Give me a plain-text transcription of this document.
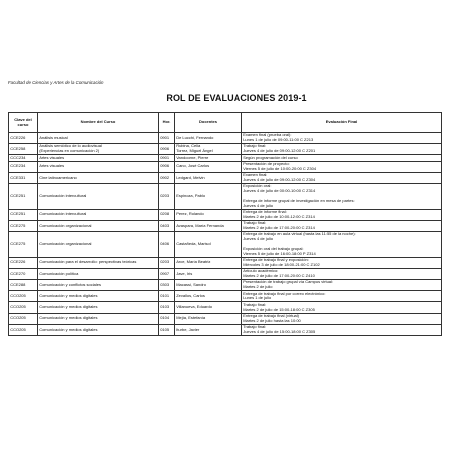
Facultad de Ciencias y Artes de la Comunicación
ROL DE EVALUACIONES 2019-1
Clave del curso	Nombre del Curso	Hor.	Docentes	Evaluación Final
CCE226	Análisis musical	0901	De Lucchi, Fernando	Examen final (prueba oral):
Lunes 1 de julio de 09:00-11:00 C Z213

CCE258	Análisis semiótico de lo audiovisual
(Experiencias en comunicación 2)	0906	Rubina, Celia
Torrez, Miguel Ángel	Trabajo final:
Jueves 4 de julio de 09:00-12:00 C Z201

CCC234	Artes visuales	0901	Vandoorne, Pierre	Según programación del curso

CCE234	Artes visuales	0906	Cano, José Carlos	Presentación de proyecto:
Viernes 5 de julio de 10:00-20:00 C Z304

CCE331	Cine latinoamericano	0902	Ledgard, Melvin	Examen final:
Jueves 4 de julio de 09:00-12:00 C Z304

CCE251	Comunicación intercultural	0203	Espinoza, Pablo	Exposición oral:
Jueves 4 de julio de 00:00-10:00 C Z314

Entrega de informe grupal de investigación en mesa de partes:
Jueves 4 de julio

CCE251	Comunicación intercultural	0208	Perez, Rolando	Entrega de informe final:
Martes 2 de julio de 10:00-12:00 C Z314

CCE275	Comunicación organizacional	0403	Avaspara, María Fernanda	Trabajo final:
Martes 2 de julio de 17:00-20:00 C Z314

CCE275	Comunicación organizacional	0406	Castañeda, Marisol	Entrega de trabajo en aula virtual (hasta las 11:55 de la noche):
Jueves 4 de julio

Exposición oral del trabajo grupal:
Viernes 5 de julio de 16:00-18:00 P Z314

CCE226	Comunicación para el desarrollo: perspectivas teóricas	0203	Arce, María Beatriz	Entrega de trabajo final y exposición:
Miércoles 3 de julio de 18:00-21:00 C Z102

CCE270	Comunicación política	0907	Jave, Iris	Artículo académico:
Martes 2 de julio de 17:00-20:00 C Z410

CCE288	Comunicación y conflictos sociales	0303	Macassi, Sandro	Presentación de trabajo grupal vía Campus virtual:
Martes 2 de julio

CCO205	Comunicación y medios digitales	0101	Zevallos, Carlos	Entrega de trabajo final por correo electrónico:
Lunes 1 de julio

CCO205	Comunicación y medios digitales	0103	Villanueva, Eduardo	Trabajo final:
Martes 2 de julio de 15:00-18:00 C Z305

CCO205	Comunicación y medios digitales	0104	Mejía, Estefanía	Entrega de trabajo final (virtual)
Martes 2 de julio hasta las 10:00

CCO205	Comunicación y medios digitales	0105	Iturbe, Javier	Trabajo final:
Jueves 4 de julio de 15:00-18:00 C Z305
